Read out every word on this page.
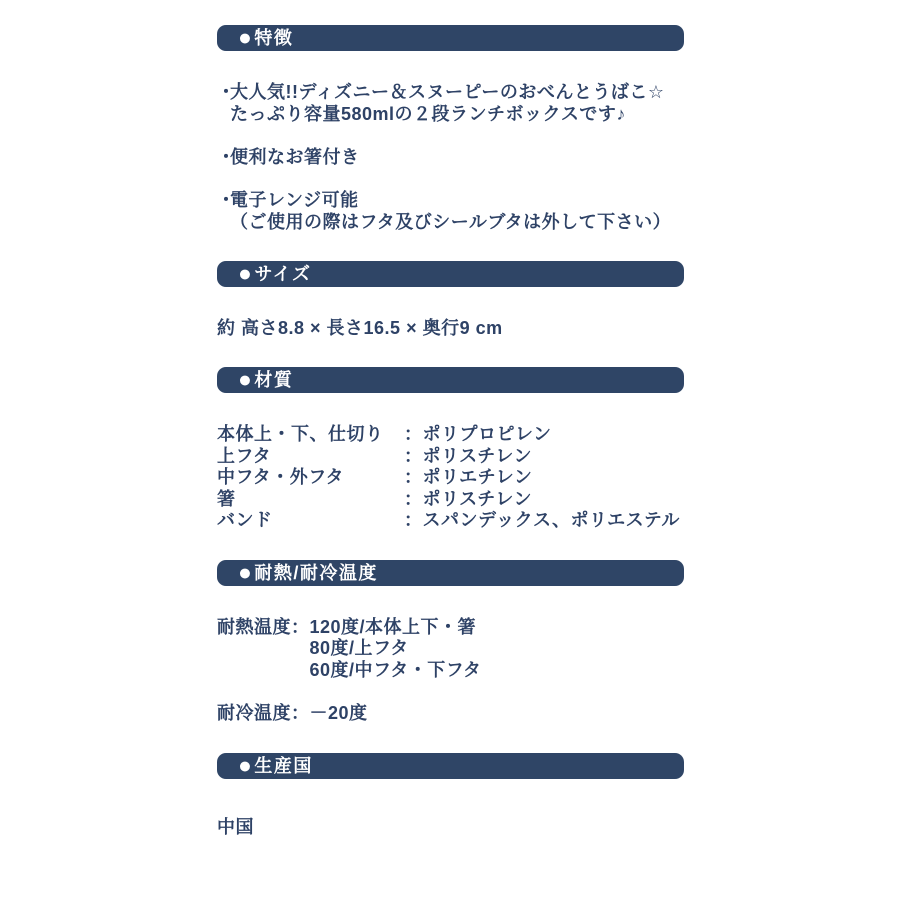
● 特徴
・
大人気!!ディズニー＆スヌーピーのおべんとうばこ☆
たっぷり容量580mlの２段ランチボックスです♪
・
便利なお箸付き
・
電子レンジ可能
（ご使用の際はフタ及びシールブタは外して下さい）
● サイズ
約 高さ8.8 × 長さ16.5 × 奥行9 cm
● 材質
本体上・下、仕切り	：ポリプロピレン
上フタ	：ポリスチレン
中フタ・外フタ	：ポリエチレン
箸	：ポリスチレン
バンド	：スパンデックス、ポリエステル
● 耐熱/耐冷温度
耐熱温度： 120度/本体上下・箸
80度/上フタ
60度/中フタ・下フタ
耐冷温度：－20度
● 生産国
中国
